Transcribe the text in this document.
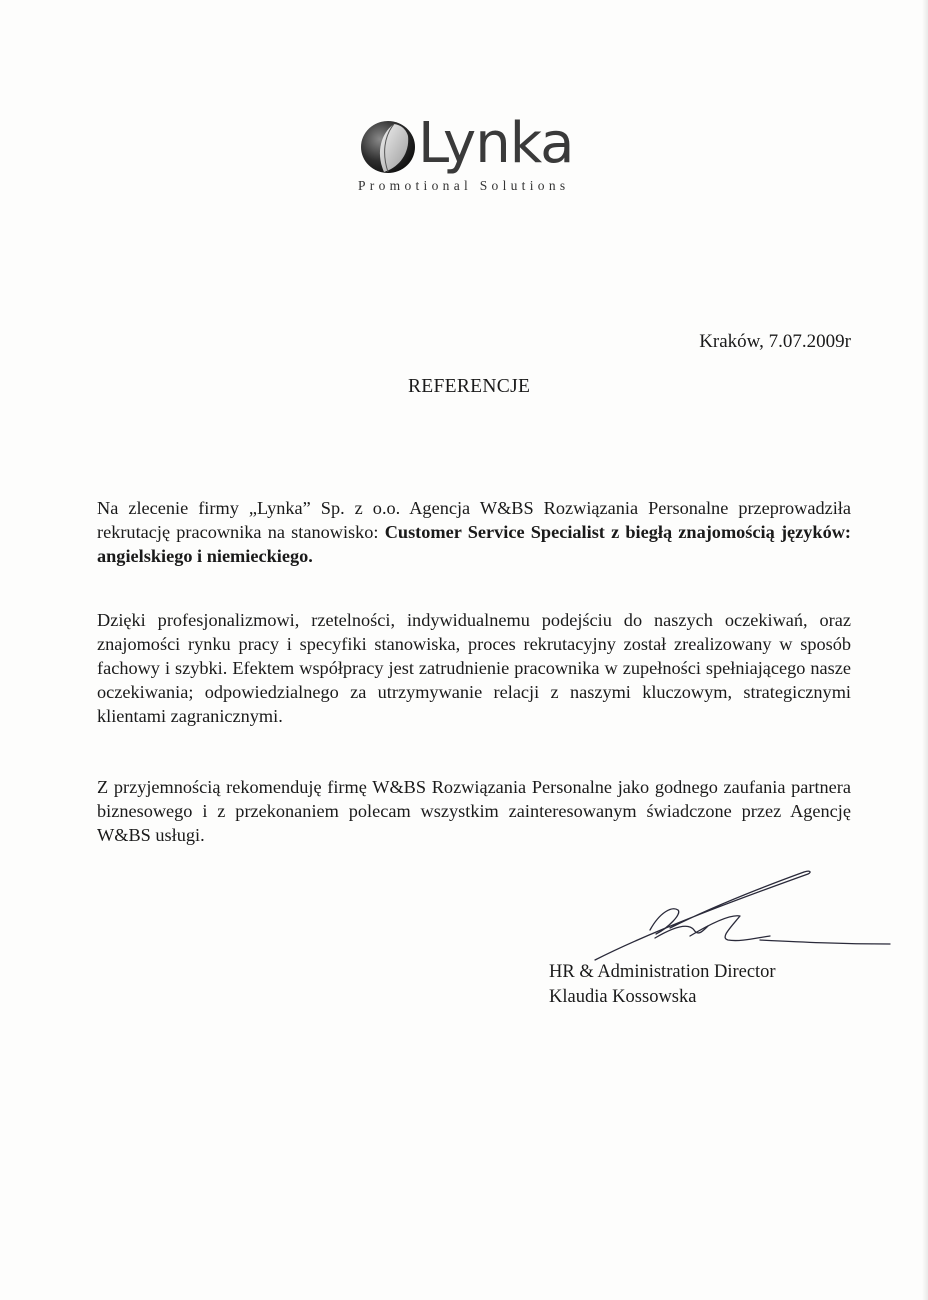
Lynka
Promotional Solutions
Kraków, 7.07.2009r
REFERENCJE

Na zlecenie firmy „Lynka” Sp. z o.o. Agencja W&BS Rozwiązania Personalne przeprowadziła rekrutację pracownika na stanowisko: Customer Service Specialist z biegłą znajomością języków: angielskiego i niemieckiego.

Dzięki profesjonalizmowi, rzetelności, indywidualnemu podejściu do naszych oczekiwań, oraz znajomości rynku pracy i specyfiki stanowiska, proces rekrutacyjny został zrealizowany w sposób fachowy i szybki. Efektem współpracy jest zatrudnienie pracownika w zupełności spełniającego nasze oczekiwania; odpowiedzialnego za utrzymywanie relacji z naszymi kluczowym, strategicznymi klientami zagranicznymi.

Z przyjemnością rekomenduję firmę W&BS Rozwiązania Personalne jako godnego zaufania partnera biznesowego i z przekonaniem polecam wszystkim zainteresowanym świadczone przez Agencję W&BS usługi.

HR & Administration Director
Klaudia Kossowska
